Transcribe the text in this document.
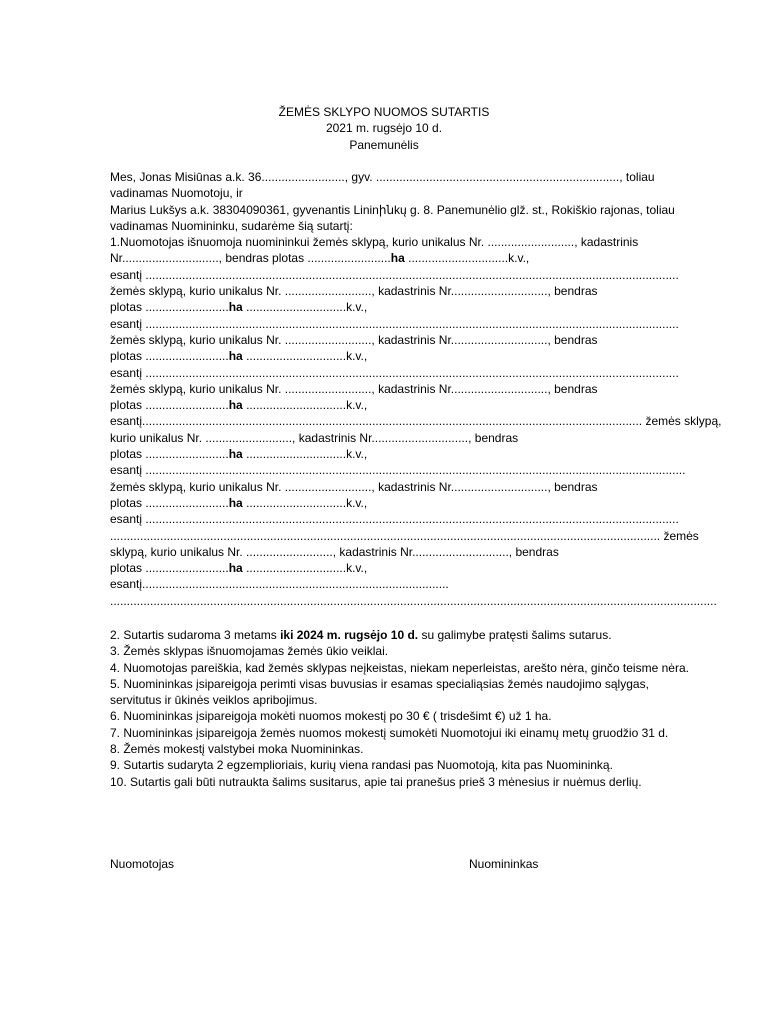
ŽEMĖS SKLYPO NUOMOS SUTARTIS
2021 m. rugsėjo 10 d.
Panemunėlis
Mes, Jonas Misiūnas a.k. 36........................., gyv. ........................................................................., toliau
vadinamas Nuomotoju, ir
Marius Lukšys a.k. 38304090361, gyvenantis Lininինkų g. 8. Panemunėlio glž. st., Rokiškio rajonas, toliau
vadinamas Nuomininku, sudarėme šią sutartį:
1.Nuomotojas išnuomoja nuomininkui žemės sklypą, kurio unikalus Nr. .........................., kadastrinis
Nr............................., bendras plotas .........................ha ..............................k.v.,
esantį ................................................................................................................................................................
žemės sklypą, kurio unikalus Nr. .........................., kadastrinis Nr............................., bendras
plotas .........................ha ..............................k.v.,
esantį ................................................................................................................................................................
žemės sklypą, kurio unikalus Nr. .........................., kadastrinis Nr............................., bendras
plotas .........................ha ..............................k.v.,
esantį ................................................................................................................................................................
žemės sklypą, kurio unikalus Nr. .........................., kadastrinis Nr............................., bendras
plotas .........................ha ..............................k.v.,
esantį...................................................................................................................................................... žemės sklypą,
kurio unikalus Nr. .........................., kadastrinis Nr............................., bendras
plotas .........................ha ..............................k.v.,
esantį ..................................................................................................................................................................
žemės sklypą, kurio unikalus Nr. .........................., kadastrinis Nr............................., bendras
plotas .........................ha ..............................k.v.,
esantį ................................................................................................................................................................
..................................................................................................................................................................... žemės
sklypą, kurio unikalus Nr. .........................., kadastrinis Nr............................., bendras
plotas .........................ha ..............................k.v.,
esantį............................................................................................
......................................................................................................................................................................................
2. Sutartis sudaroma 3 metams iki 2024 m. rugsėjo 10 d. su galimybe pratęsti šalims sutarus.
3. Žemės sklypas išnuomojamas žemės ūkio veiklai.
4. Nuomotojas pareiškia, kad žemės sklypas neįkeistas, niekam neperleistas, arešto nėra, ginčo teisme nėra.
5. Nuomininkas įsipareigoja perimti visas buvusias ir esamas specialiąsias žemės naudojimo sąlygas,
servitutus ir ūkinės veiklos apribojimus.
6. Nuomininkas įsipareigoja mokėti nuomos mokestį po 30 € ( trisdešimt €) už 1 ha.
7. Nuomininkas įsipareigoja žemės nuomos mokestį sumokėti Nuomotojui iki einamų metų gruodžio 31 d.
8. Žemės mokestį valstybei moka Nuomininkas.
9. Sutartis sudaryta 2 egzemplioriais, kurių viena randasi pas Nuomotoją, kita pas Nuomininką.
10. Sutartis gali būti nutraukta šalims susitarus, apie tai pranešus prieš 3 mėnesius ir nuėmus derlių.
Nuomotojas	Nuomininkas
